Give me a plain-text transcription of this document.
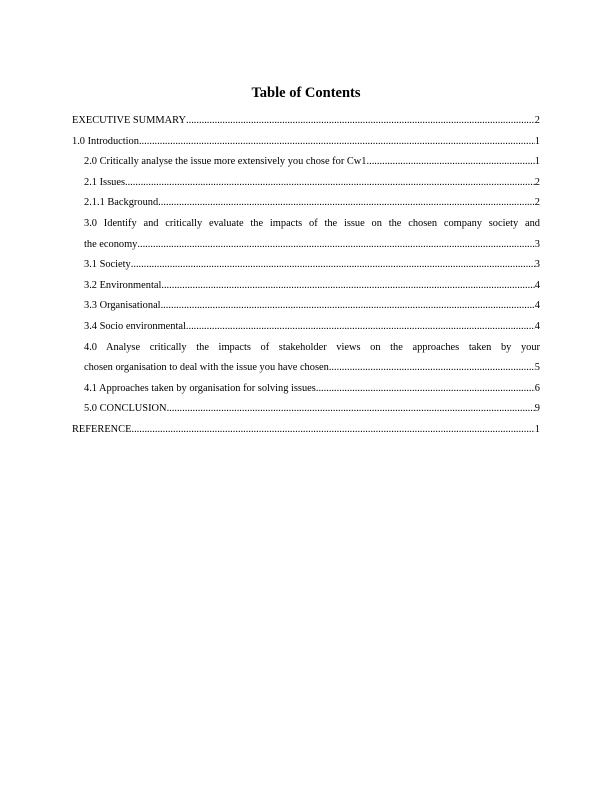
Table of Contents
EXECUTIVE SUMMARY .....	2
1.0 Introduction .....	1
2.0 Critically analyse the issue more extensively you chose for Cw1 .....	1
2.1 Issues .....	2
2.1.1 Background .....	2
3.0 Identify and critically evaluate the impacts of the issue on the chosen company society and
the economy .....	3
3.1 Society .....	3
3.2 Environmental .....	4
3.3 Organisational .....	4
3.4 Socio environmental .....	4
4.0 Analyse critically the impacts of stakeholder views on the approaches taken by your
chosen organisation to deal with the issue you have chosen .....	5
4.1 Approaches taken by organisation for solving issues .....	6
5.0 CONCLUSION .....	9
REFERENCE .....	1
